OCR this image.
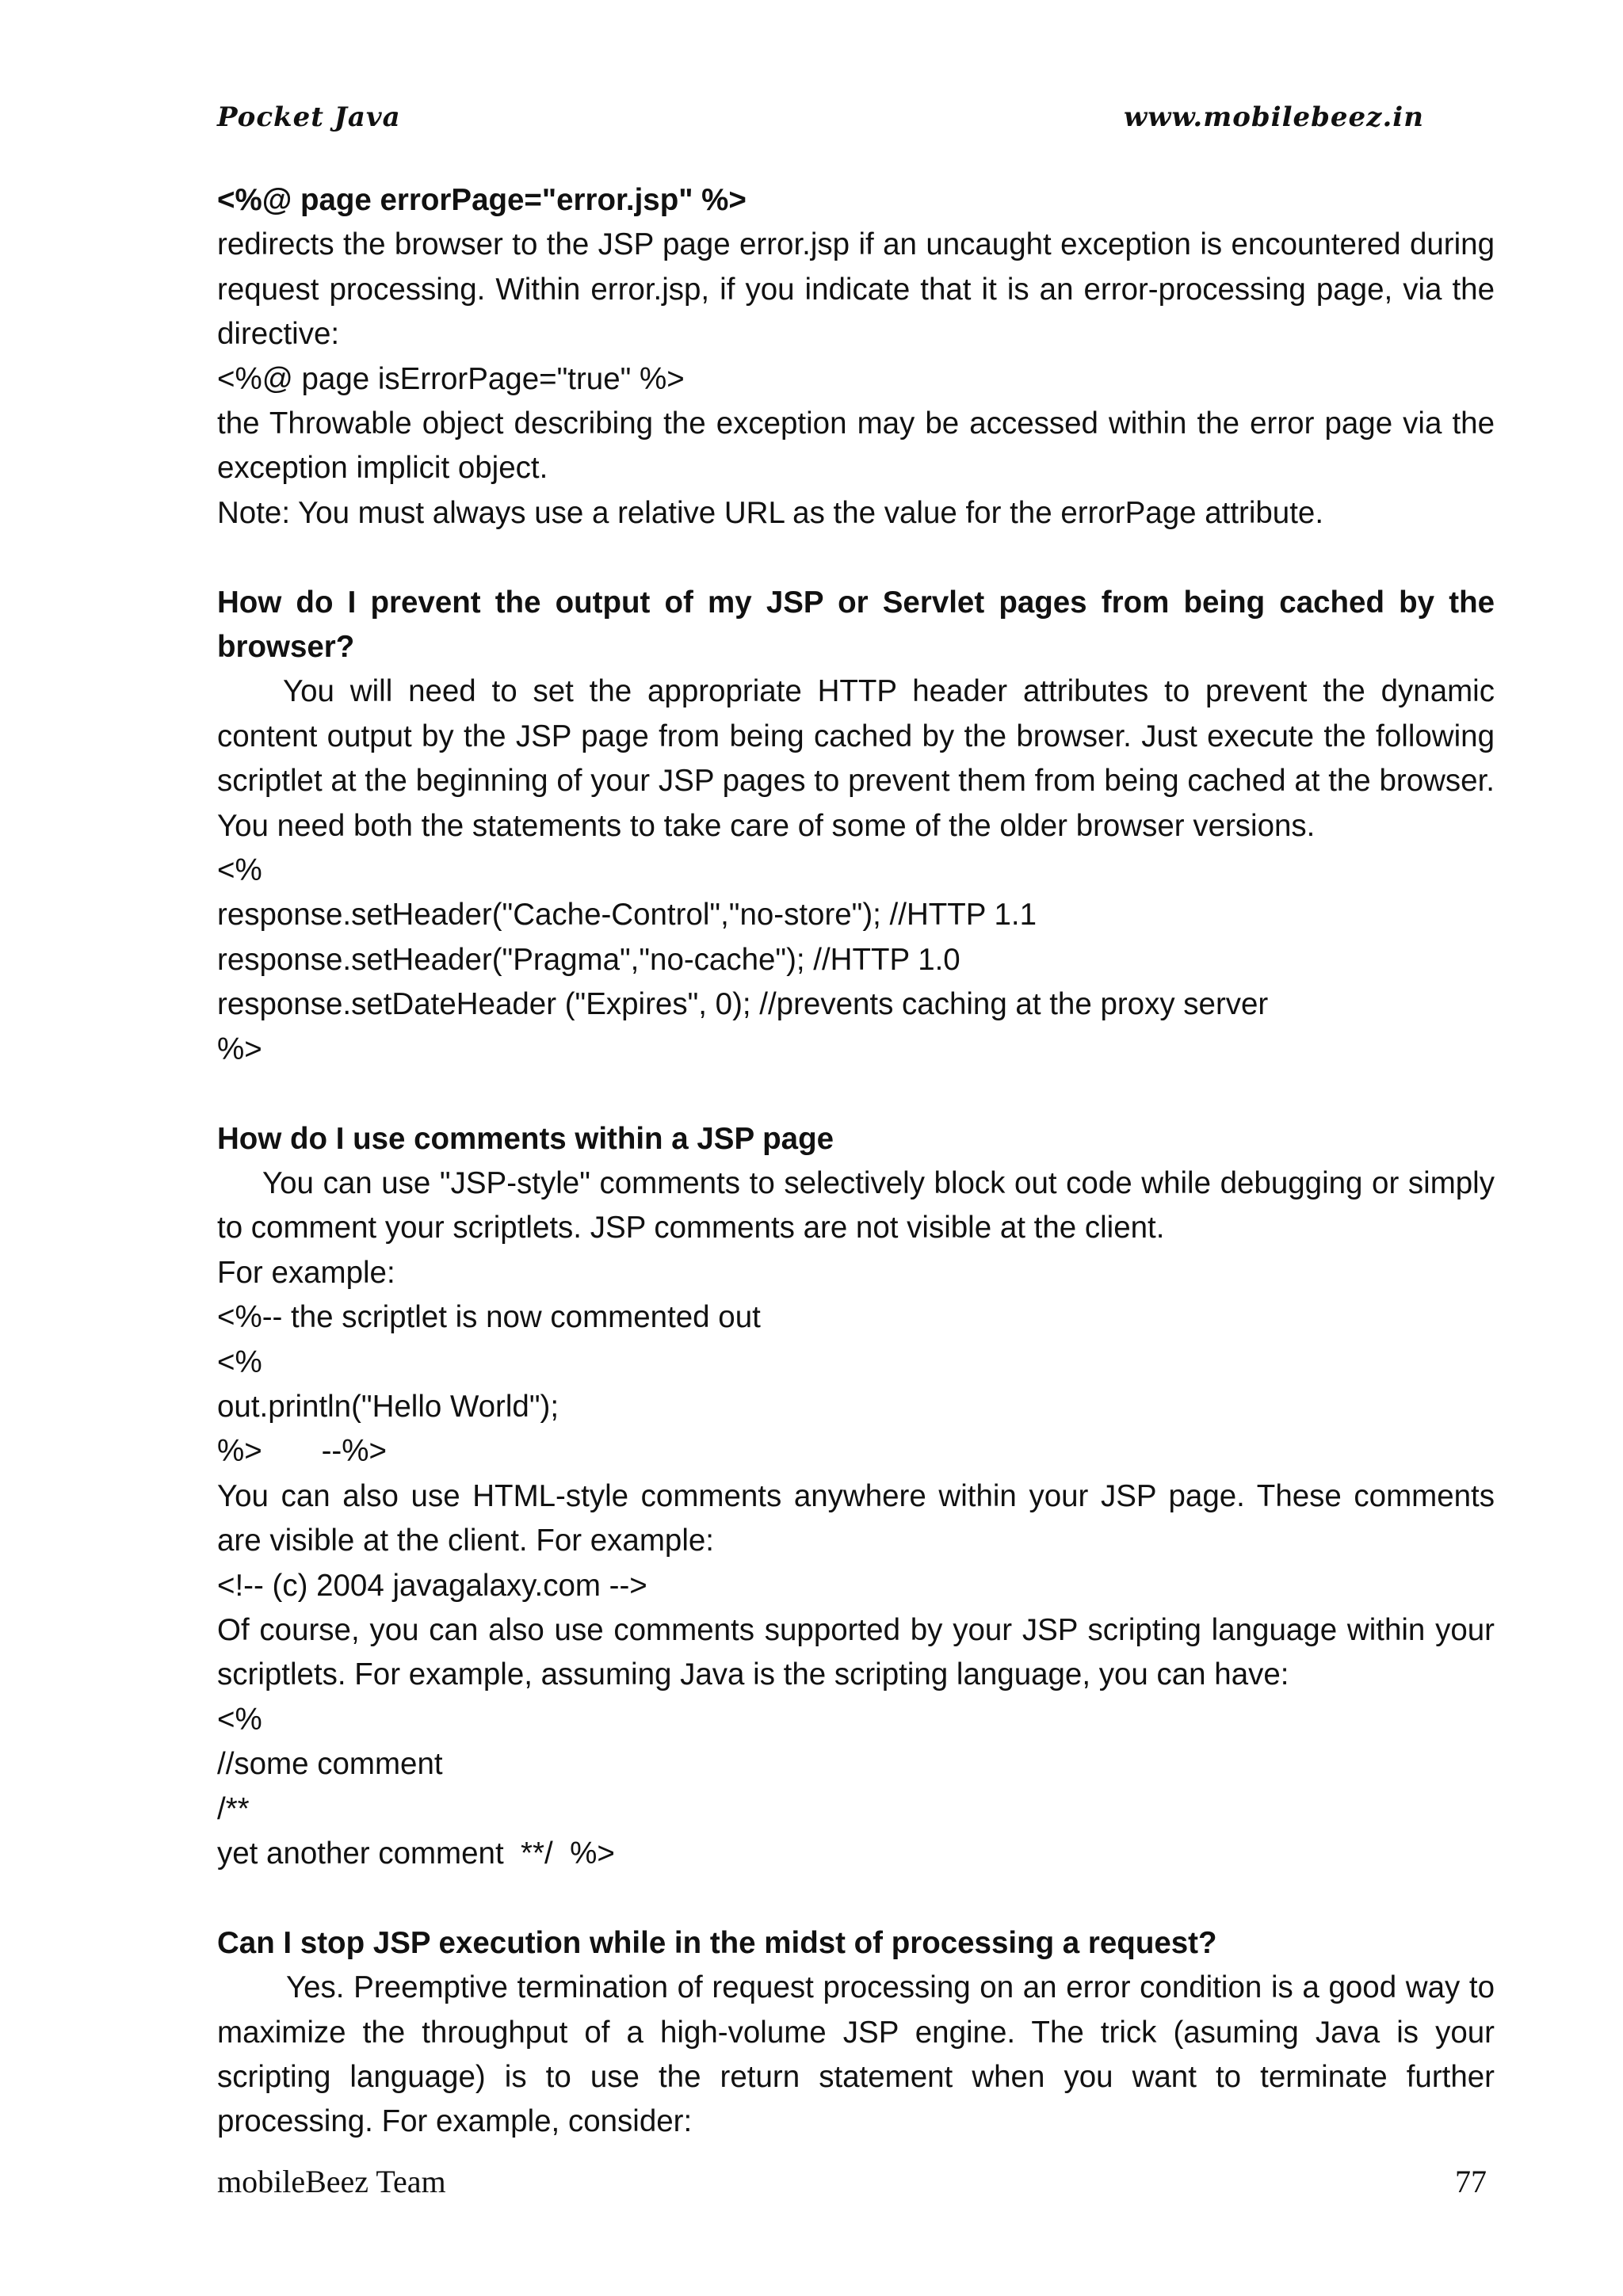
Pocket Java	www.mobilebeez.in

<%@ page errorPage="error.jsp" %>

redirects the browser to the JSP page error.jsp if an uncaught exception is encountered during request processing. Within error.jsp, if you indicate that it is an error-processing page, via the directive:

<%@ page isErrorPage="true" %>

the Throwable object describing the exception may be accessed within the error page via the exception implicit object.

Note: You must always use a relative URL as the value for the errorPage attribute.

How do I prevent the output of my JSP or Servlet pages from being cached by the browser?

You will need to set the appropriate HTTP header attributes to prevent the dynamic content output by the JSP page from being cached by the browser. Just execute the following scriptlet at the beginning of your JSP pages to prevent them from being cached at the browser. You need both the statements to take care of some of the older browser versions.

<%

response.setHeader("Cache-Control","no-store"); //HTTP 1.1

response.setHeader("Pragma","no-cache"); //HTTP 1.0

response.setDateHeader ("Expires", 0); //prevents caching at the proxy server

%>

How do I use comments within a JSP page

You can use "JSP-style" comments to selectively block out code while debugging or simply to comment your scriptlets. JSP comments are not visible at the client.

For example:

<%-- the scriptlet is now commented out

<%

out.println("Hello World");

%>       --%>

You can also use HTML-style comments anywhere within your JSP page. These comments are visible at the client. For example:

<!-- (c) 2004 javagalaxy.com -->

Of course, you can also use comments supported by your JSP scripting language within your scriptlets. For example, assuming Java is the scripting language, you can have:

<%

//some comment

/**

yet another comment  **/  %>

Can I stop JSP execution while in the midst of processing a request?

Yes. Preemptive termination of request processing on an error condition is a good way to maximize the throughput of a high-volume JSP engine. The trick (asuming Java is your scripting language) is to use the return statement when you want to terminate further processing. For example, consider:

mobileBeez Team	77
